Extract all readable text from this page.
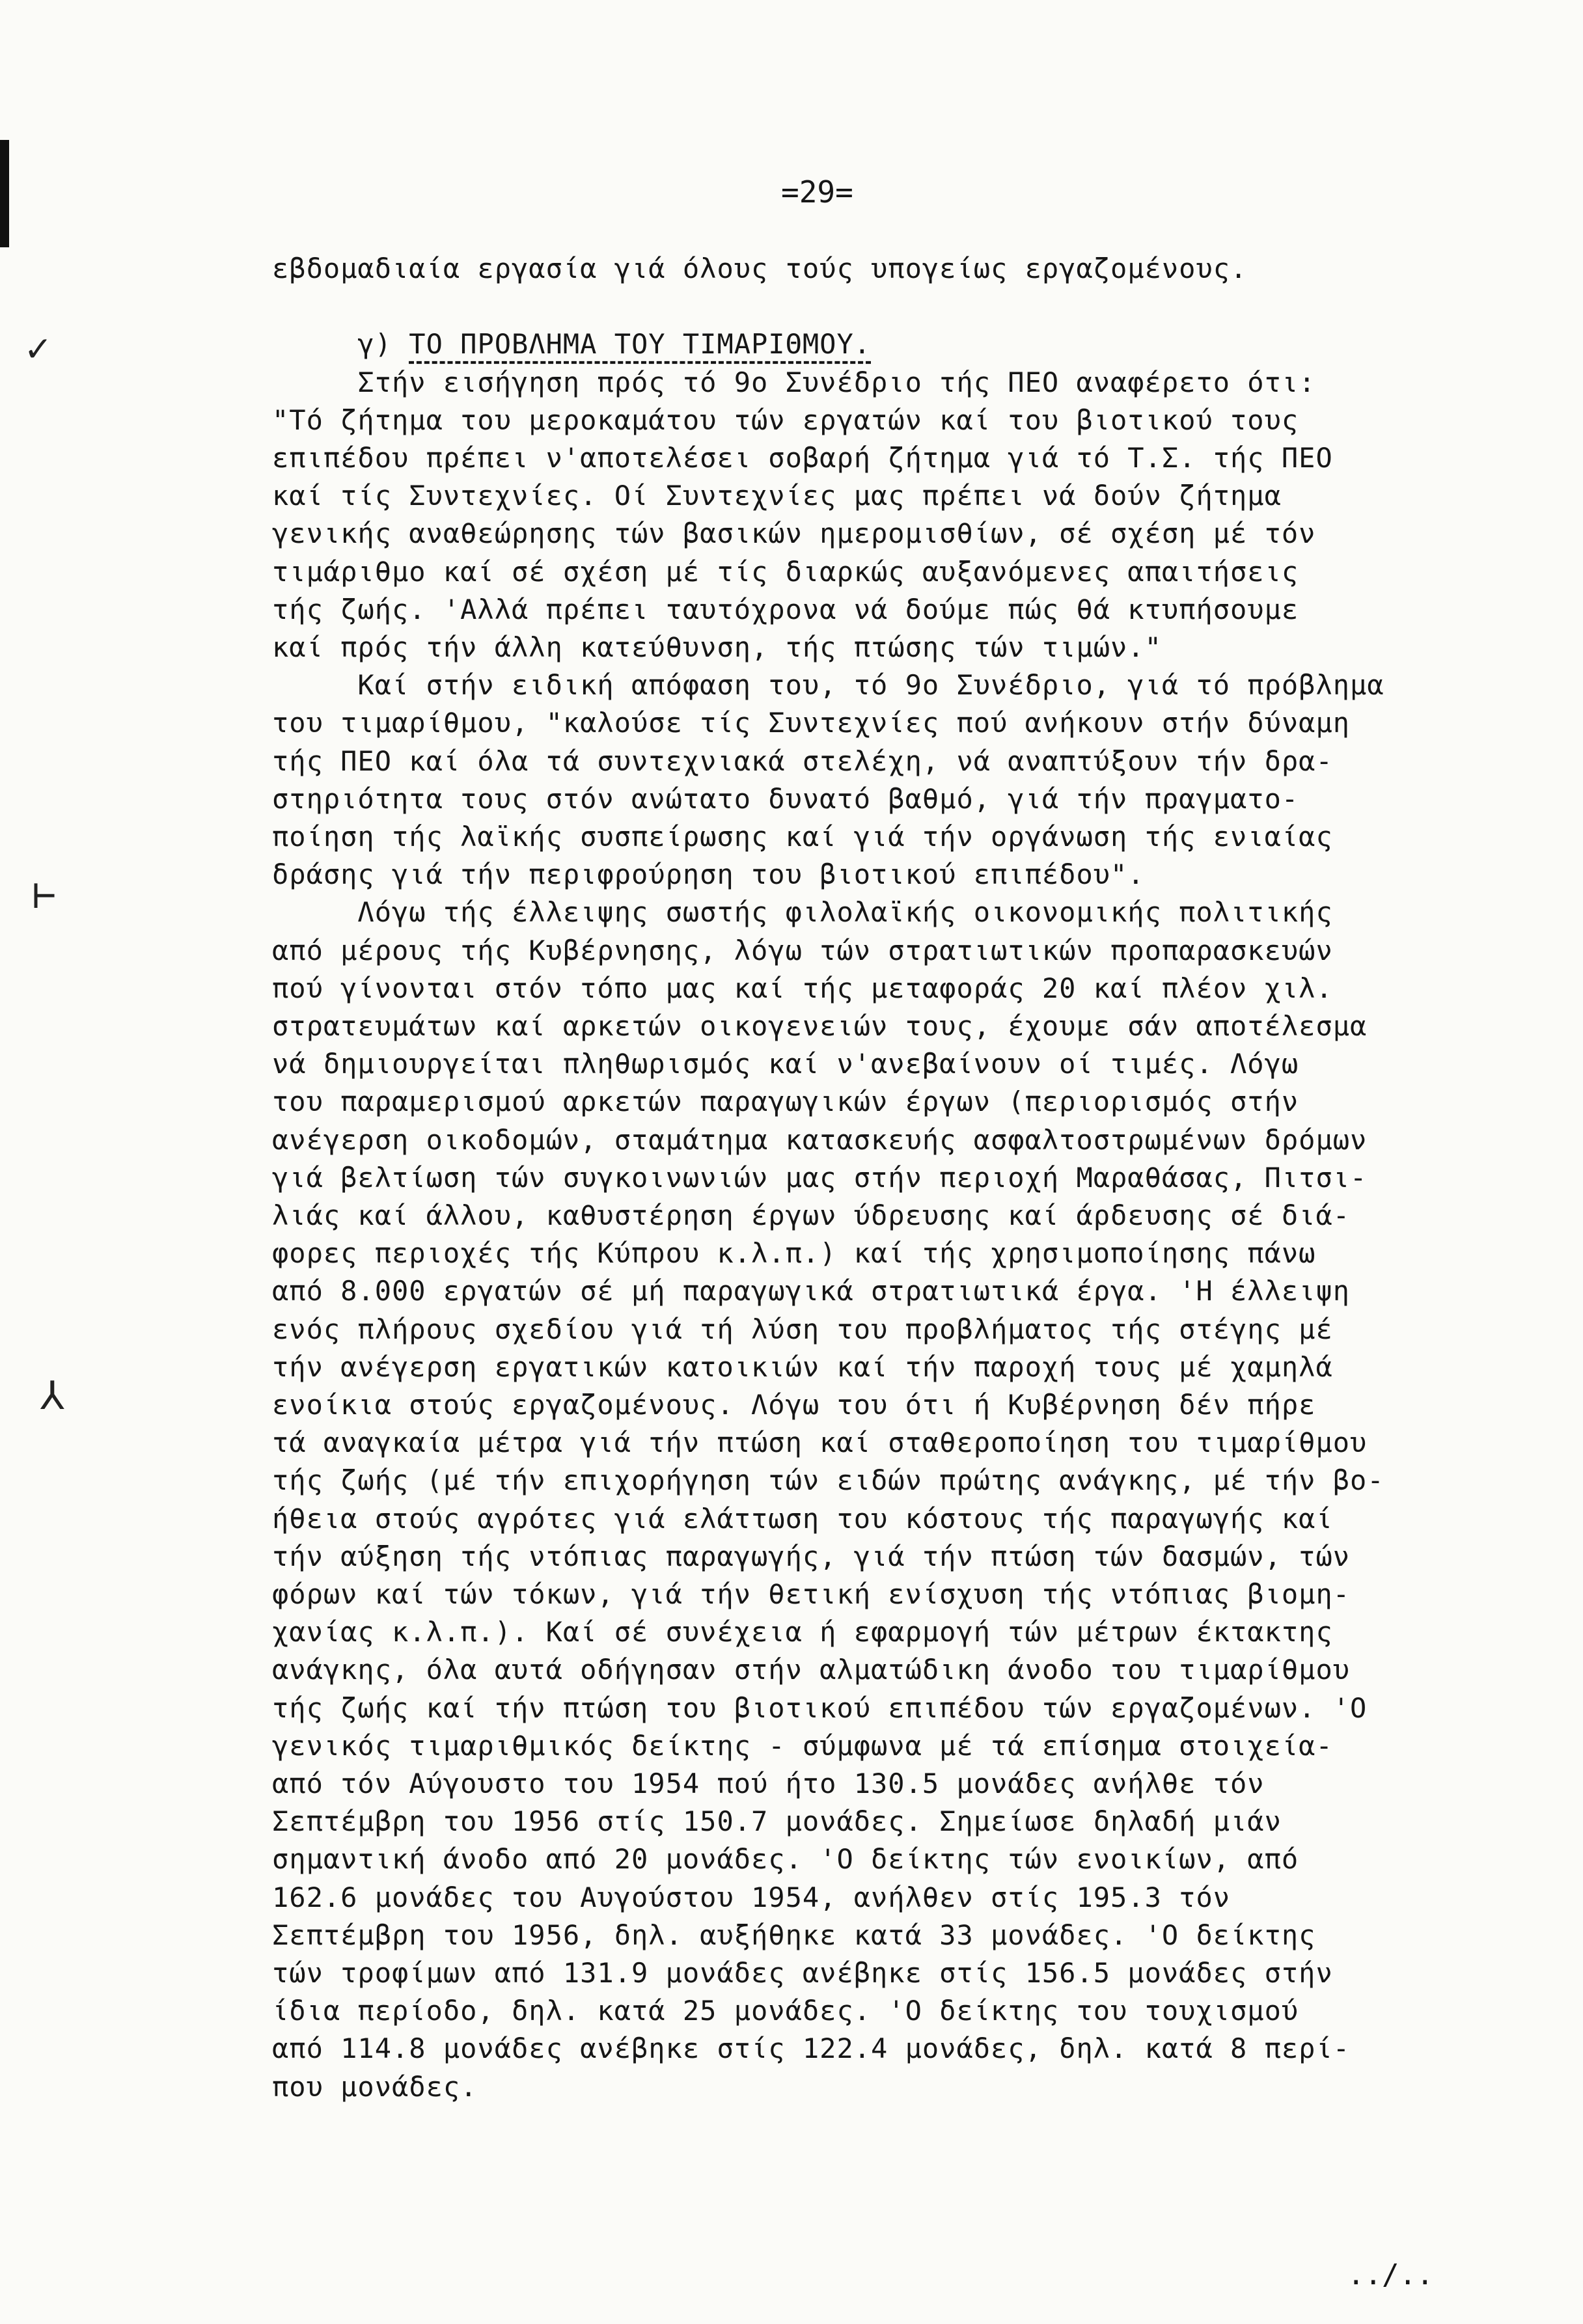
✓
⊢
⅄
=29=
εβδομαδιαία εργασία γιά όλους τούς υπογείως εργαζομένους.
γ) ΤΟ ΠΡΟΒΛΗΜΑ ΤΟΥ ΤΙΜΑΡΙΘΜΟΥ.
Στήν εισήγηση πρός τό 9ο Συνέδριο τής ΠΕΟ αναφέρετο ότι:
"Τό ζήτημα του μεροκαμάτου τών εργατών καί του βιοτικού τους
επιπέδου πρέπει ν'αποτελέσει σοβαρή ζήτημα γιά τό Τ.Σ. τής ΠΕΟ
καί τίς Συντεχνίες. Οί Συντεχνίες μας πρέπει νά δούν ζήτημα
γενικής αναθεώρησης τών βασικών ημερομισθίων, σέ σχέση μέ τόν
τιμάριθμο καί σέ σχέση μέ τίς διαρκώς αυξανόμενες απαιτήσεις
τής ζωής. 'Αλλά πρέπει ταυτόχρονα νά δούμε πώς θά κτυπήσουμε
καί πρός τήν άλλη κατεύθυνση, τής πτώσης τών τιμών."
Καί στήν ειδική απόφαση του, τό 9ο Συνέδριο, γιά τό πρόβλημα
του τιμαρίθμου, "καλούσε τίς Συντεχνίες πού ανήκουν στήν δύναμη
τής ΠΕΟ καί όλα τά συντεχνιακά στελέχη, νά αναπτύξουν τήν δρα-
στηριότητα τους στόν ανώτατο δυνατό βαθμό, γιά τήν πραγματο-
ποίηση τής λαϊκής συσπείρωσης καί γιά τήν οργάνωση τής ενιαίας
δράσης γιά τήν περιφρούρηση του βιοτικού επιπέδου".
Λόγω τής έλλειψης σωστής φιλολαϊκής οικονομικής πολιτικής
από μέρους τής Κυβέρνησης, λόγω τών στρατιωτικών προπαρασκευών
πού γίνονται στόν τόπο μας καί τής μεταφοράς 20 καί πλέον χιλ.
στρατευμάτων καί αρκετών οικογενειών τους, έχουμε σάν αποτέλεσμα
νά δημιουργείται πληθωρισμός καί ν'ανεβαίνουν οί τιμές. Λόγω
του παραμερισμού αρκετών παραγωγικών έργων (περιορισμός στήν
ανέγερση οικοδομών, σταμάτημα κατασκευής ασφαλτοστρωμένων δρόμων
γιά βελτίωση τών συγκοινωνιών μας στήν περιοχή Μαραθάσας, Πιτσι-
λιάς καί άλλου, καθυστέρηση έργων ύδρευσης καί άρδευσης σέ διά-
φορες περιοχές τής Κύπρου κ.λ.π.) καί τής χρησιμοποίησης πάνω
από 8.000 εργατών σέ μή παραγωγικά στρατιωτικά έργα. 'Η έλλειψη
ενός πλήρους σχεδίου γιά τή λύση του προβλήματος τής στέγης μέ
τήν ανέγερση εργατικών κατοικιών καί τήν παροχή τους μέ χαμηλά
ενοίκια στούς εργαζομένους. Λόγω του ότι ή Κυβέρνηση δέν πήρε
τά αναγκαία μέτρα γιά τήν πτώση καί σταθεροποίηση του τιμαρίθμου
τής ζωής (μέ τήν επιχορήγηση τών ειδών πρώτης ανάγκης, μέ τήν βο-
ήθεια στούς αγρότες γιά ελάττωση του κόστους τής παραγωγής καί
τήν αύξηση τής ντόπιας παραγωγής, γιά τήν πτώση τών δασμών, τών
φόρων καί τών τόκων, γιά τήν θετική ενίσχυση τής ντόπιας βιομη-
χανίας κ.λ.π.). Καί σέ συνέχεια ή εφαρμογή τών μέτρων έκτακτης
ανάγκης, όλα αυτά οδήγησαν στήν αλματώδικη άνοδο του τιμαρίθμου
τής ζωής καί τήν πτώση του βιοτικού επιπέδου τών εργαζομένων. 'Ο
γενικός τιμαριθμικός δείκτης - σύμφωνα μέ τά επίσημα στοιχεία-
από τόν Αύγουστο του 1954 πού ήτο 130.5 μονάδες ανήλθε τόν
Σεπτέμβρη του 1956 στίς 150.7 μονάδες. Σημείωσε δηλαδή μιάν
σημαντική άνοδο από 20 μονάδες. 'Ο δείκτης τών ενοικίων, από
162.6 μονάδες του Αυγούστου 1954, ανήλθεν στίς 195.3 τόν
Σεπτέμβρη του 1956, δηλ. αυξήθηκε κατά 33 μονάδες. 'Ο δείκτης
τών τροφίμων από 131.9 μονάδες ανέβηκε στίς 156.5 μονάδες στήν
ίδια περίοδο, δηλ. κατά 25 μονάδες. 'Ο δείκτης του τουχισμού
από 114.8 μονάδες ανέβηκε στίς 122.4 μονάδες, δηλ. κατά 8 περί-
που μονάδες.
../..
